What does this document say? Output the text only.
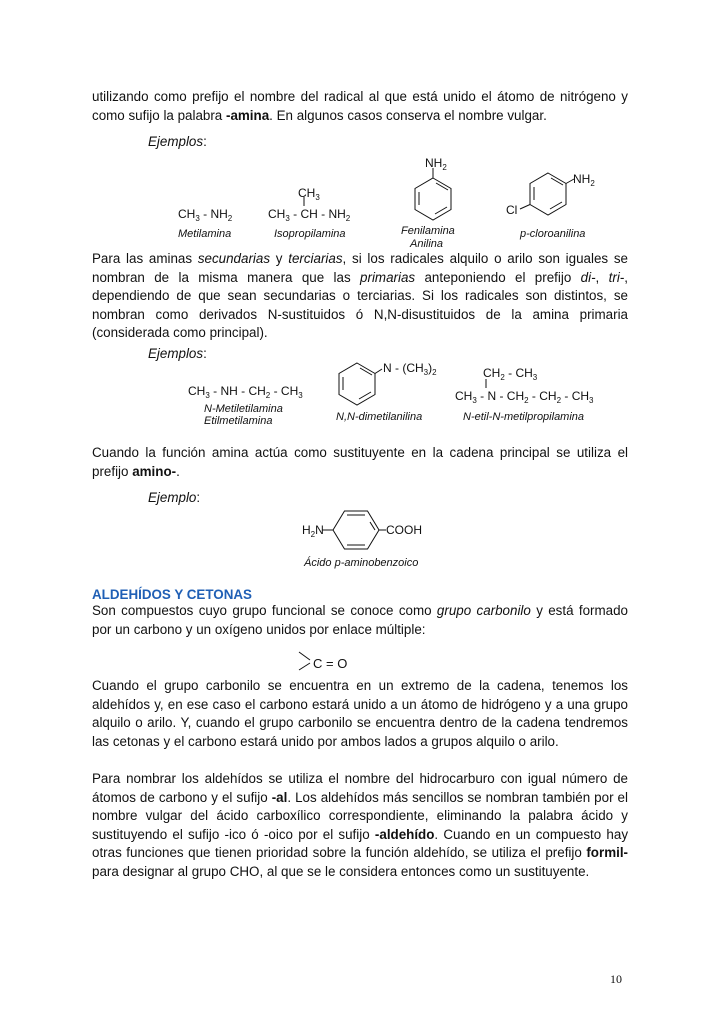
utilizando como prefijo el nombre del radical al que está unido el átomo de nitrógeno y como sufijo la palabra -amina. En algunos casos conserva el nombre vulgar.

Ejemplos:
$CH_3 - NH_2$
$CH_3$
$CH_3$ - CH - $NH_2$
$NH_2$
$NH_2$
Cl
Metilamina	Isopropilamina	Fenilamina
Anilina
p-cloroanilina

Para las aminas secundarias y terciarias, si los radicales alquilo o arilo son iguales se nombran de la misma manera que las primarias anteponiendo el prefijo di-, tri-, dependiendo de que sean secundarias o terciarias. Si los radicales son distintos, se nombran como derivados N-sustituidos ó N,N-disustituidos de la amina primaria (considerada como principal).

Ejemplos:
$CH_3$ - NH - $CH_2 - CH_3$
N-Metiletilamina
Etilmetilamina
N - $(CH_3)_2$
N,N-dimetilanilina
$CH_2 - CH_3$
$CH_3$ - N - $CH_2 - CH_2 - CH_3$
N-etil-N-metilpropilamina

Cuando la función amina actúa como sustituyente en la cadena principal se utiliza el prefijo amino-.

Ejemplo:
$H_2N$	COOH
Ácido p-aminobenzoico
ALDEHÍDOS Y CETONAS

Son compuestos cuyo grupo funcional se conoce como grupo carbonilo y está formado por un carbono y un oxígeno unidos por enlace múltiple:

C = O

Cuando el grupo carbonilo se encuentra en un extremo de la cadena, tenemos los aldehídos y, en ese caso el carbono estará unido a un átomo de hidrógeno y a una grupo alquilo o arilo. Y, cuando el grupo carbonilo se encuentra dentro de la cadena tendremos las cetonas y el carbono estará unido por ambos lados a grupos alquilo o arilo.

Para nombrar los aldehídos se utiliza el nombre del hidrocarburo con igual número de átomos de carbono y el sufijo -al. Los aldehídos más sencillos se nombran también por el nombre vulgar del ácido carboxílico correspondiente, eliminando la palabra ácido y sustituyendo el sufijo -ico ó -oico por el sufijo -aldehído. Cuando en un compuesto hay otras funciones que tienen prioridad sobre la función aldehído, se utiliza el prefijo formil- para designar al grupo CHO, al que se le considera entonces como un sustituyente.

10
